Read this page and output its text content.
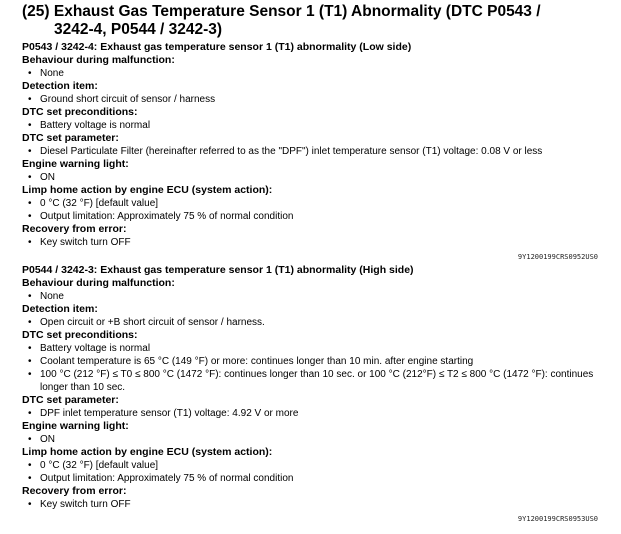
(25) Exhaust Gas Temperature Sensor 1 (T1) Abnormality (DTC P0543 /
3242-4, P0544 / 3242-3)
P0543 / 3242-4: Exhaust gas temperature sensor 1 (T1) abnormality (Low side)
Behaviour during malfunction:
• None
Detection item:
• Ground short circuit of sensor / harness
DTC set preconditions:
• Battery voltage is normal
DTC set parameter:
• Diesel Particulate Filter (hereinafter referred to as the "DPF") inlet temperature sensor (T1) voltage: 0.08 V or less
Engine warning light:
• ON
Limp home action by engine ECU (system action):
• 0 °C (32 °F) [default value]
• Output limitation: Approximately 75 % of normal condition
Recovery from error:
• Key switch turn OFF
9Y1200199CRS0952US0
P0544 / 3242-3: Exhaust gas temperature sensor 1 (T1) abnormality (High side)
Behaviour during malfunction:
• None
Detection item:
• Open circuit or +B short circuit of sensor / harness.
DTC set preconditions:
• Battery voltage is normal
• Coolant temperature is 65 °C (149 °F) or more: continues longer than 10 min. after engine starting
• 100 °C (212 °F) ≤ T0 ≤ 800 °C (1472 °F): continues longer than 10 sec. or 100 °C (212°F) ≤ T2 ≤ 800 °C (1472 °F): continues longer than 10 sec.
DTC set parameter:
• DPF inlet temperature sensor (T1) voltage: 4.92 V or more
Engine warning light:
• ON
Limp home action by engine ECU (system action):
• 0 °C (32 °F) [default value]
• Output limitation: Approximately 75 % of normal condition
Recovery from error:
• Key switch turn OFF
9Y1200199CRS0953US0
